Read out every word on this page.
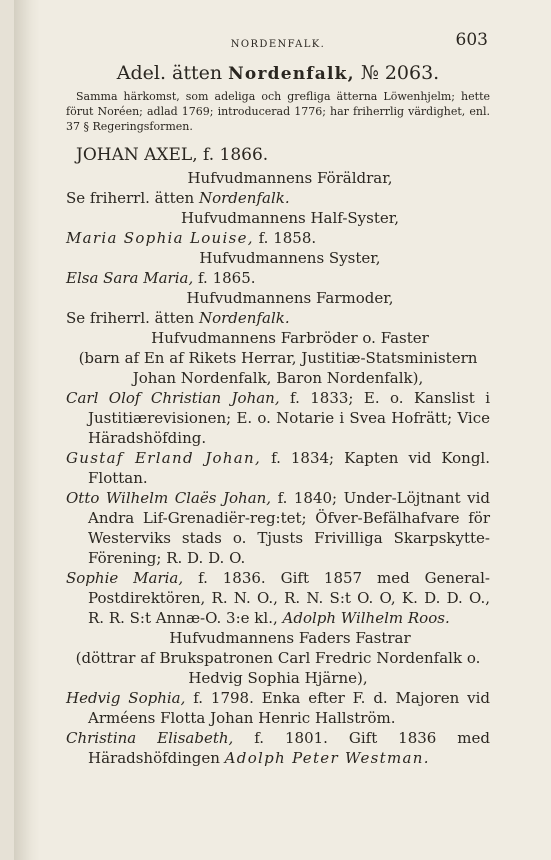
NORDENFALK.	603
Adel. ätten Nordenfalk, № 2063.
Samma härkomst, som adeliga och grefliga ätterna Löwenhjelm; hette förut Noréen; adlad 1769; introducerad 1776; har friherrlig värdighet, enl. 37 § Regeringsformen.
JOHAN AXEL, f. 1866.
Hufvudmannens Föräldrar,
Se friherrl. ätten Nordenfalk.
Hufvudmannens Half-Syster,
Maria Sophia Louise, f. 1858.
Hufvudmannens Syster,
Elsa Sara Maria, f. 1865.
Hufvudmannens Farmoder,
Se friherrl. ätten Nordenfalk.
Hufvudmannens Farbröder o. Faster
(barn af En af Rikets Herrar, Justitiæ-Statsministern Johan Nordenfalk, Baron Nordenfalk),
Carl Olof Christian Johan, f. 1833; E. o. Kanslist i Justitiærevisionen; E. o. Notarie i Svea Hofrätt; Vice Häradshöfding.
Gustaf Erland Johan, f. 1834; Kapten vid Kongl. Flottan.
Otto Wilhelm Claës Johan, f. 1840; Under-Löjtnant vid Andra Lif-Grenadiër-reg:tet; Öfver-Befälhafvare för Westerviks stads o. Tjusts Frivilliga Skarpskytte-Förening; R. D. D. O.
Sophie Maria, f. 1836. Gift 1857 med General-Postdirektören, R. N. O., R. N. S:t O. O, K. D. D. O., R. R. S:t Annæ-O. 3:e kl., Adolph Wilhelm Roos.
Hufvudmannens Faders Fastrar
(döttrar af Brukspatronen Carl Fredric Nordenfalk o. Hedvig Sophia Hjärne),
Hedvig Sophia, f. 1798. Enka efter F. d. Majoren vid Arméens Flotta Johan Henric Hallström.
Christina Elisabeth, f. 1801. Gift 1836 med Häradshöfdingen Adolph Peter Westman.
